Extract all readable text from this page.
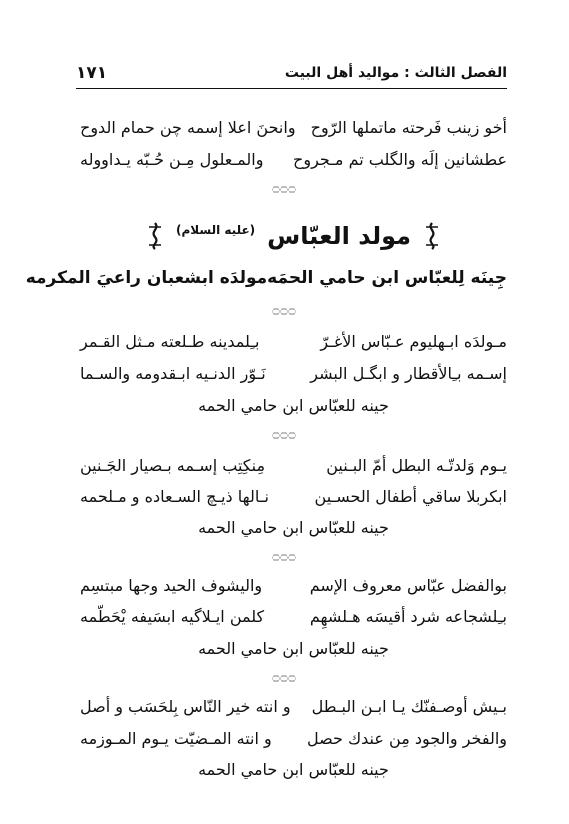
١٧١	الفصل الثالث : مواليد أهل البيت
أخو زينب فَرحته ماتملها الرّوح
وانحنَ اعلا إسمه چن حمام الدوح
عطشانين إلَه والگلب تم مـجروح
والمـعلول مِـن حُـبّه يـداووله
۝۝۝
مولد العبّاس
(عليه السلام)
جِينَه لِلعبّاس ابن حامي الحمَه
مولدَه ابشعبان راعيَ المكرمه
۝۝۝
مـولدَه ابـهليوم عـبّاس الأغـرّ
بـِلمدينه طـلعته مـثل القـمر
إسـمه بـِالأقطار و ابگـل البشر
نَـوّر الدنـيه ابـقدومه والسـما
جينه للعبّاس ابن حامي الحمه
۝۝۝
يـوم وَلدتّـه البطل أمّ البـنين
مِنكِتِب إسـمه بـصيار الجَـنين
ابكربلا ساقي أطفال الحسـين
نـالها ذيـچ السـعاده و مـلحمه
جينه للعبّاس ابن حامي الحمه
۝۝۝
بوالفضل عبّاس معروف الإسم
واليشوف الحيد وجها مبتسِم
بـِلشجاعه شرد أقيسَه هـلشهِم
كلمن ايـلاگيه ابسَيفه يْحَطّمه
جينه للعبّاس ابن حامي الحمه
۝۝۝
بـيش أوصـفنّك يـا ابـن البـطل
و انته خير النّاس بِلحَسَب و أصل
والفخر والجود مِن عندك حصل
و انته المـضيّت يـوم المـوزمه
جينه للعبّاس ابن حامي الحمه
